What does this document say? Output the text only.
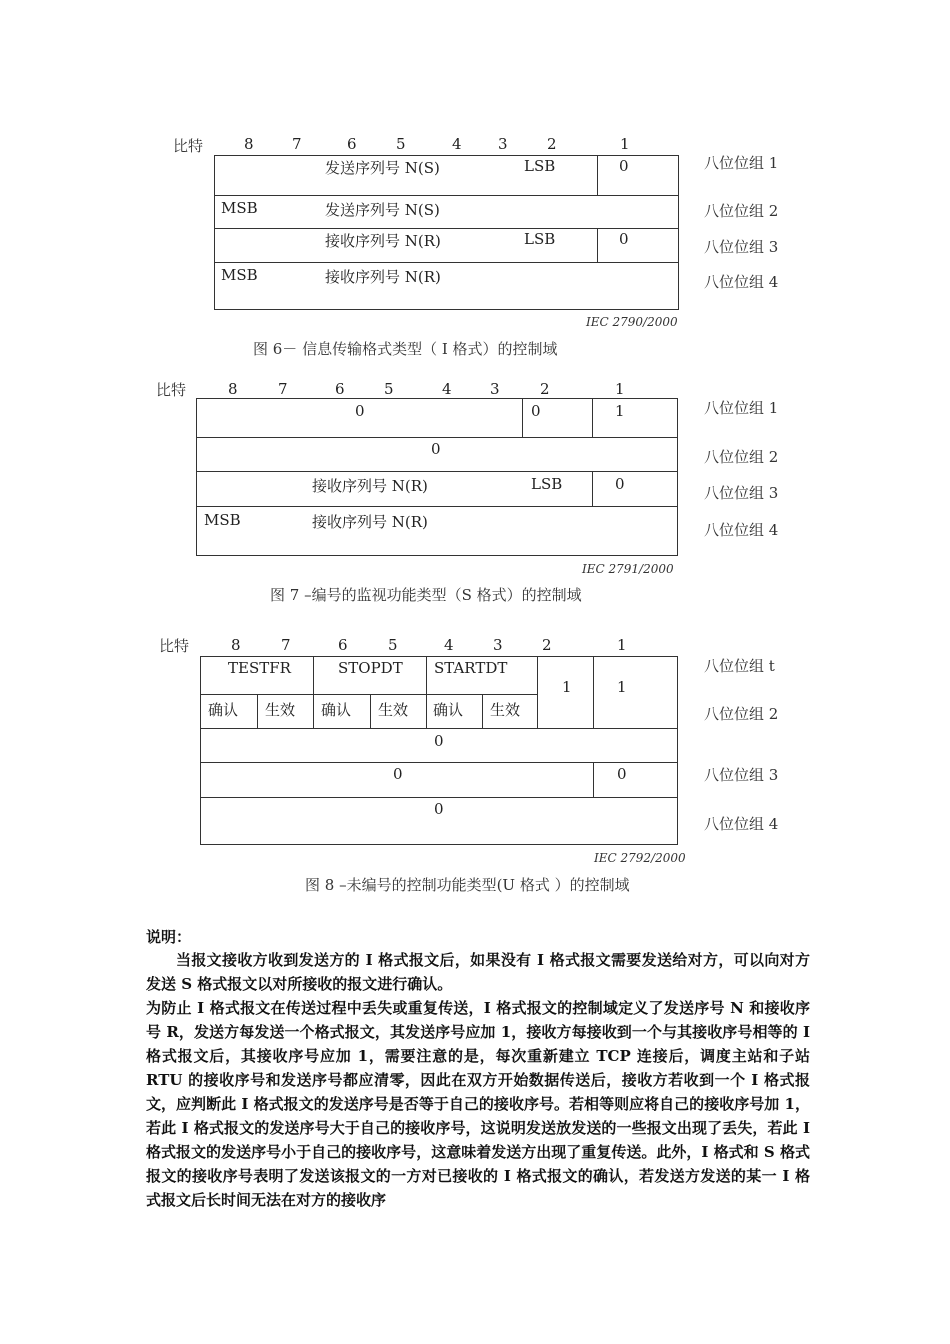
比特	8	7	6	5	4 3	2	1
发送序列号 N(S)	LSB	0
MSB	发送序列号 N(S)
接收序列号 N(R)	LSB	0
MSB	接收序列号 N(R)
八位位组 1
八位位组 2
八位位组 3
八位位组 4
IEC 2790/2000
图 6－ 信息传输格式类型（ I 格式）的控制域
比特	8	7	6	5	4	3	2	1
0	0	1
0
接收序列号 N(R)	LSB	0
MSB	接收序列号 N(R)
八位位组 1
八位位组 2
八位位组 3
八位位组 4
IEC 2791/2000
图 7 –编号的监视功能类型（S 格式）的控制域
比特	8	7	6	5	4	3	2	1
TESTFR	STOPDT STARTDT
1	1
确认 生效 确认 生效 确认 生效
0
0	0
0
八位位组 t
八位位组 2
八位位组 3
八位位组 4
IEC 2792/2000
图 8 –未编号的控制功能类型(U 格式 ）的控制域
说明：
当报文接收方收到发送方的 I 格式报文后，如果没有 I 格式报文需要发送给对方，可以向对方发送 S 格式报文以对所接收的报文进行确认。
为防止 I 格式报文在传送过程中丢失或重复传送，I 格式报文的控制域定义了发送序号 N 和接收序号 R，发送方每发送一个格式报文，其发送序号应加 1，接收方每接收到一个与其接收序号相等的 I 格式报文后，其接收序号应加 1，需要注意的是，每次重新建立 TCP 连接后，调度主站和子站 RTU 的接收序号和发送序号都应清零，因此在双方开始数据传送后，接收方若收到一个 I 格式报文，应判断此 I 格式报文的发送序号是否等于自己的接收序号。若相等则应将自己的接收序号加 1，若此 I 格式报文的发送序号大于自己的接收序号，这说明发送放发送的一些报文出现了丢失，若此 I 格式报文的发送序号小于自己的接收序号，这意味着发送方出现了重复传送。此外，I 格式和 S 格式报文的接收序号表明了发送该报文的一方对已接收的 I 格式报文的确认，若发送方发送的某一 I 格式报文后长时间无法在对方的接收序
